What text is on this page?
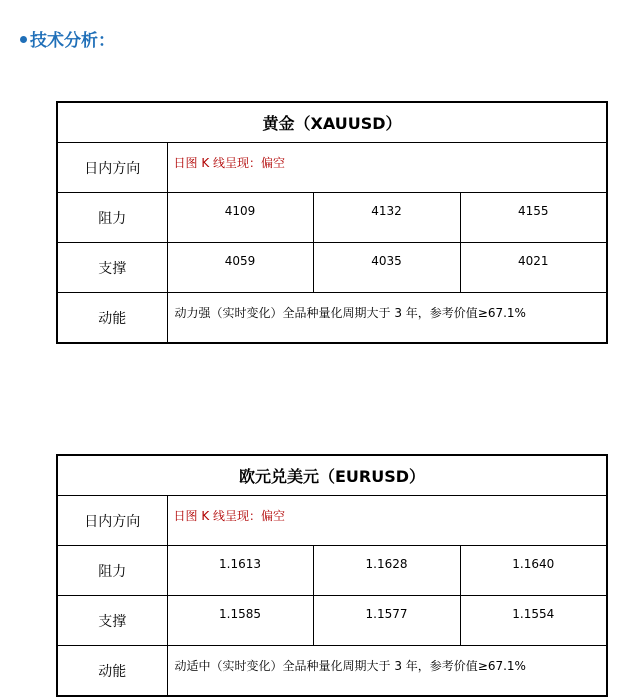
技术分析：
黄金（XAUUSD）			
日内方向	日图 K 线呈现：偏空		
阻力	4109	4132	4155
支撑	4059	4035	4021
动能	动力强（实时变化）全品种量化周期大于 3 年，参考价值≥67.1%		
欧元兑美元（EURUSD）			
日内方向	日图 K 线呈现：偏空		
阻力	1.1613	1.1628	1.1640
支撑	1.1585	1.1577	1.1554
动能	动适中（实时变化）全品种量化周期大于 3 年，参考价值≥67.1%		
